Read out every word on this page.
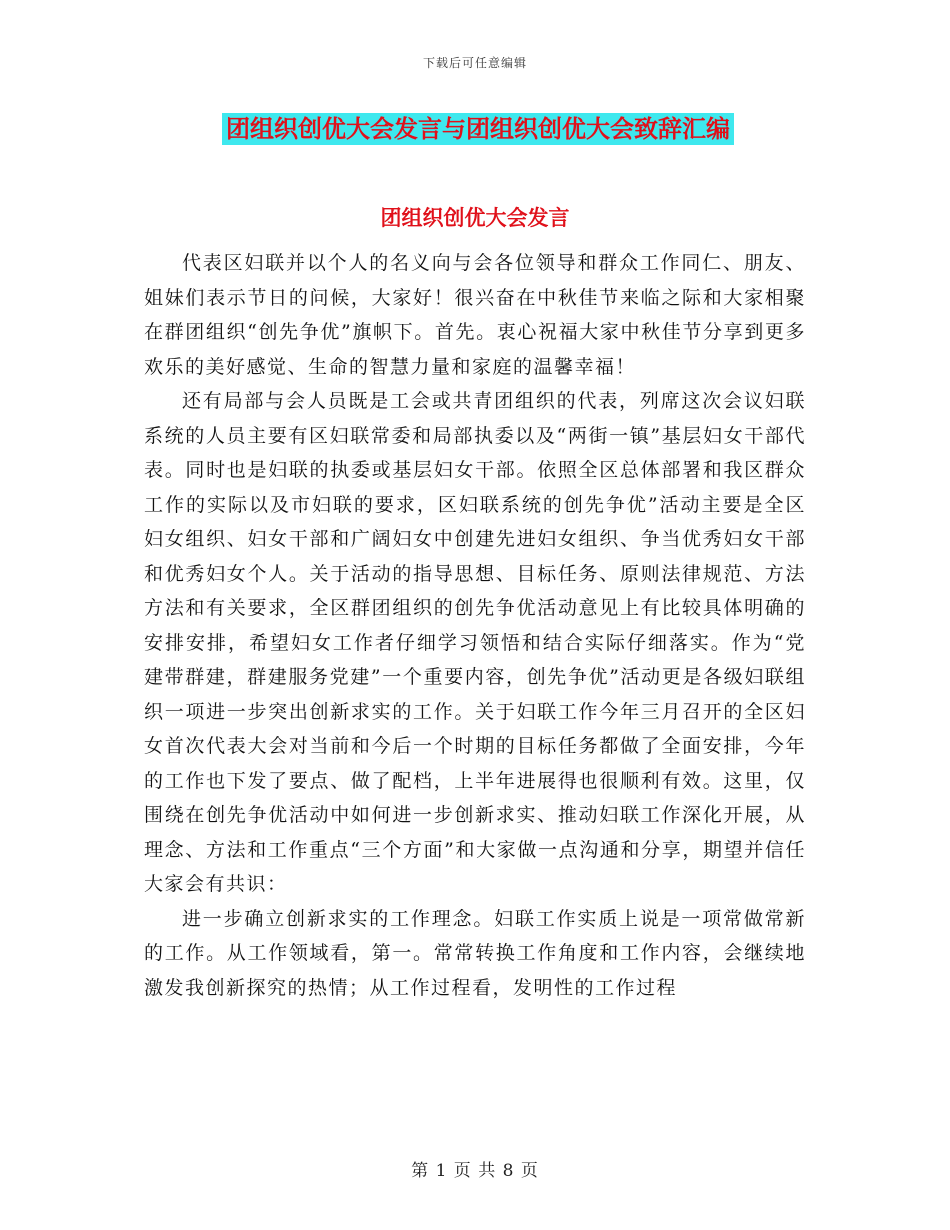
下载后可任意编辑
团组织创优大会发言与团组织创优大会致辞汇编
团组织创优大会发言

代表区妇联并以个人的名义向与会各位领导和群众工作同仁、朋友、姐妹们表示节日的问候，大家好！很兴奋在中秋佳节来临之际和大家相聚在群团组织“创先争优”旗帜下。首先。衷心祝福大家中秋佳节分享到更多欢乐的美好感觉、生命的智慧力量和家庭的温馨幸福！

还有局部与会人员既是工会或共青团组织的代表，列席这次会议妇联系统的人员主要有区妇联常委和局部执委以及“两街一镇”基层妇女干部代表。同时也是妇联的执委或基层妇女干部。依照全区总体部署和我区群众工作的实际以及市妇联的要求，区妇联系统的创先争优”活动主要是全区妇女组织、妇女干部和广阔妇女中创建先进妇女组织、争当优秀妇女干部和优秀妇女个人。关于活动的指导思想、目标任务、原则法律规范、方法方法和有关要求，全区群团组织的创先争优活动意见上有比较具体明确的安排安排，希望妇女工作者仔细学习领悟和结合实际仔细落实。作为“党建带群建，群建服务党建”一个重要内容，创先争优”活动更是各级妇联组织一项进一步突出创新求实的工作。关于妇联工作今年三月召开的全区妇女首次代表大会对当前和今后一个时期的目标任务都做了全面安排，今年的工作也下发了要点、做了配档，上半年进展得也很顺利有效。这里，仅围绕在创先争优活动中如何进一步创新求实、推动妇联工作深化开展，从理念、方法和工作重点“三个方面”和大家做一点沟通和分享，期望并信任大家会有共识：

进一步确立创新求实的工作理念。妇联工作实质上说是一项常做常新的工作。从工作领域看，第一。常常转换工作角度和工作内容，会继续地激发我创新探究的热情；从工作过程看，发明性的工作过程

第 1 页 共 8 页
